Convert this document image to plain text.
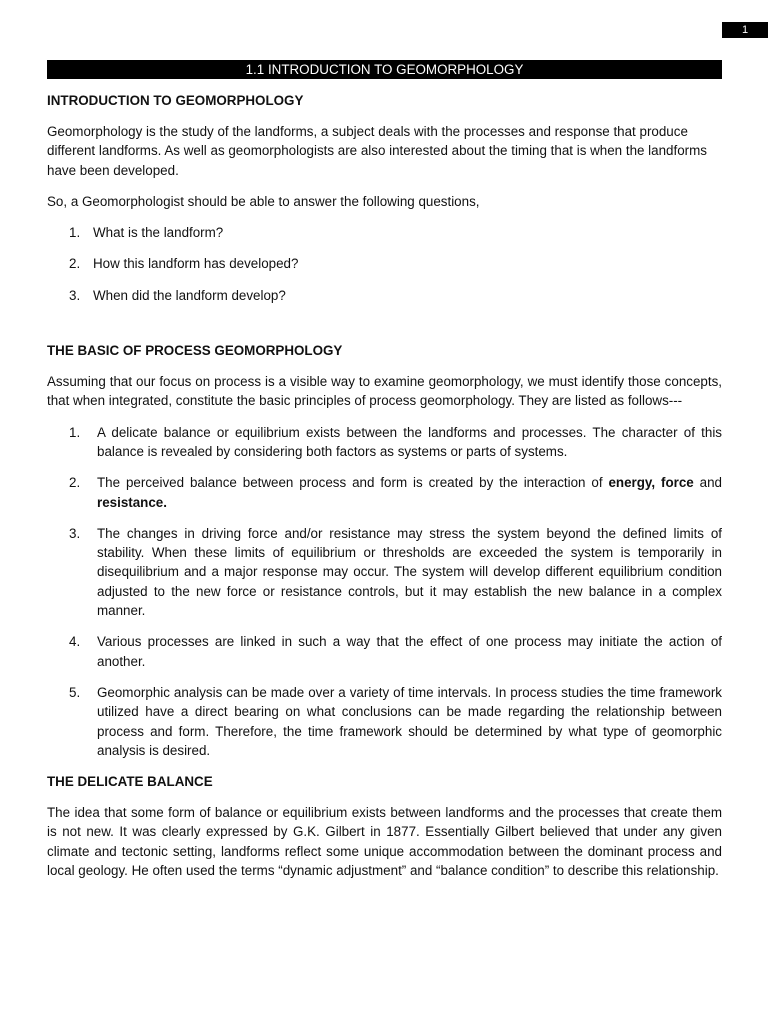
1
1.1 INTRODUCTION TO GEOMORPHOLOGY
INTRODUCTION TO GEOMORPHOLOGY

Geomorphology is the study of the landforms, a subject deals with the processes and response that produce different landforms. As well as geomorphologists are also interested about the timing that is when the landforms have been developed.

So, a Geomorphologist should be able to answer the following questions,

1. What is the landform?
2. How this landform has developed?
3. When did the landform develop?
THE BASIC OF PROCESS GEOMORPHOLOGY

Assuming that our focus on process is a visible way to examine geomorphology, we must identify those concepts, that when integrated, constitute the basic principles of process geomorphology. They are listed as follows---

1. A delicate balance or equilibrium exists between the landforms and processes. The character of this balance is revealed by considering both factors as systems or parts of systems.
2. The perceived balance between process and form is created by the interaction of energy, force and resistance.
3. The changes in driving force and/or resistance may stress the system beyond the defined limits of stability. When these limits of equilibrium or thresholds are exceeded the system is temporarily in disequilibrium and a major response may occur. The system will develop different equilibrium condition adjusted to the new force or resistance controls, but it may establish the new balance in a complex manner.
4. Various processes are linked in such a way that the effect of one process may initiate the action of another.
5. Geomorphic analysis can be made over a variety of time intervals. In process studies the time framework utilized have a direct bearing on what conclusions can be made regarding the relationship between process and form. Therefore, the time framework should be determined by what type of geomorphic analysis is desired.
THE DELICATE BALANCE

The idea that some form of balance or equilibrium exists between landforms and the processes that create them is not new. It was clearly expressed by G.K. Gilbert in 1877. Essentially Gilbert believed that under any given climate and tectonic setting, landforms reflect some unique accommodation between the dominant process and local geology. He often used the terms “dynamic adjustment” and “balance condition” to describe this relationship.
